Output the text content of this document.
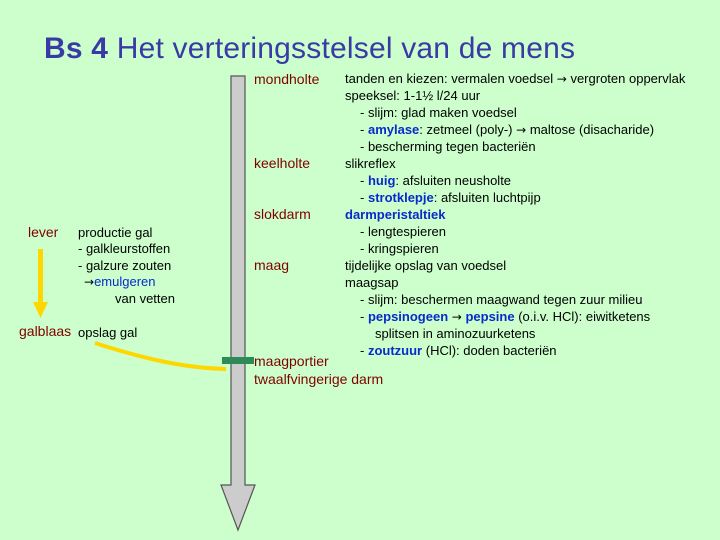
Bs 4 Het verteringsstelsel van de mens
mondholte
keelholte
slokdarm
maag
maagportier
twaalfvingerige darm
tanden en kiezen: vermalen voedsel → vergroten oppervlak
speeksel: 1-1½ l/24 uur
- slijm: glad maken voedsel
- amylase: zetmeel (poly-) → maltose (disacharide)
- bescherming tegen bacteriën
slikreflex
- huig: afsluiten neusholte
- strotklepje: afsluiten luchtpijp
darmperistaltiek
- lengtespieren
- kringspieren
tijdelijke opslag van voedsel
maagsap
- slijm: beschermen maagwand tegen zuur milieu
- pepsinogeen → pepsine (o.i.v. HCl): eiwitketens
splitsen in aminozuurketens
- zoutzuur (HCl): doden bacteriën
lever productie gal
- galkleurstoffen
- galzure zouten
→emulgeren
van vetten
galblaas opslag gal
